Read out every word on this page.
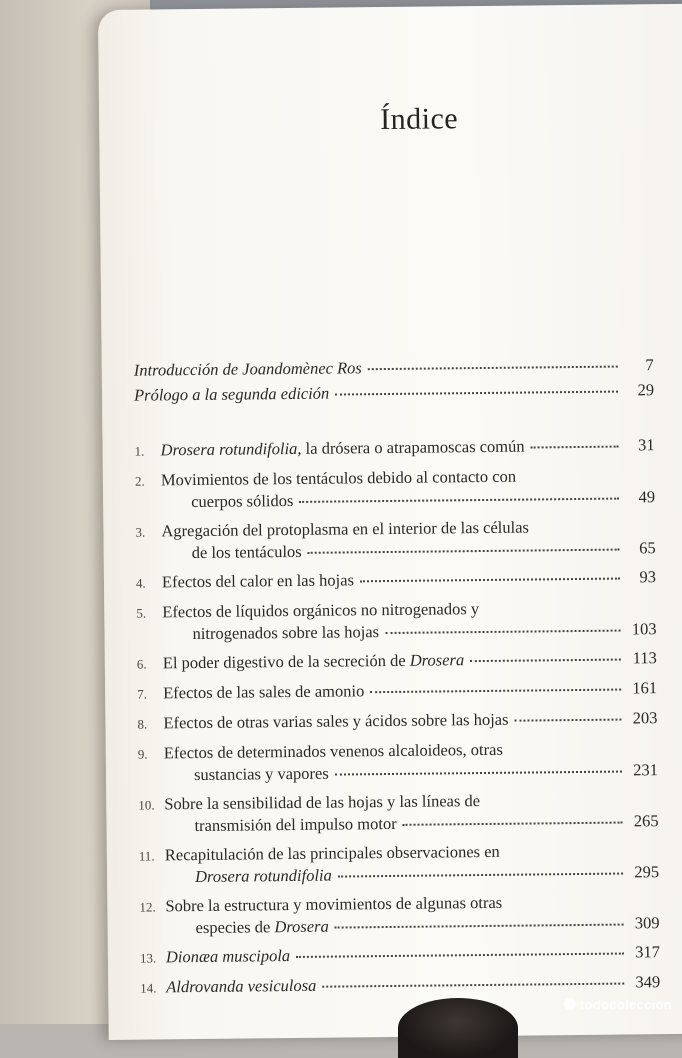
Índice
Introducción de Joandomènec Ros	7
Prólogo a la segunda edición	29
1. Drosera rotundifolia, la drósera o atrapamoscas común	31
2. Movimientos de los tentáculos debido al contacto con
cuerpos sólidos	49
3. Agregación del protoplasma en el interior de las células
de los tentáculos	65
4. Efectos del calor en las hojas	93
5. Efectos de líquidos orgánicos no nitrogenados y
nitrogenados sobre las hojas	103
6. El poder digestivo de la secreción de Drosera	113
7. Efectos de las sales de amonio	161
8. Efectos de otras varias sales y ácidos sobre las hojas	203
9. Efectos de determinados venenos alcaloideos, otras
sustancias y vapores	231
10. Sobre la sensibilidad de las hojas y las líneas de
transmisión del impulso motor	265
11. Recapitulación de las principales observaciones en
Drosera rotundifolia	295
12. Sobre la estructura y movimientos de algunas otras
especies de Drosera	309
13. Dionæa muscipola	317
14. Aldrovanda vesiculosa	349
todocoleccion
